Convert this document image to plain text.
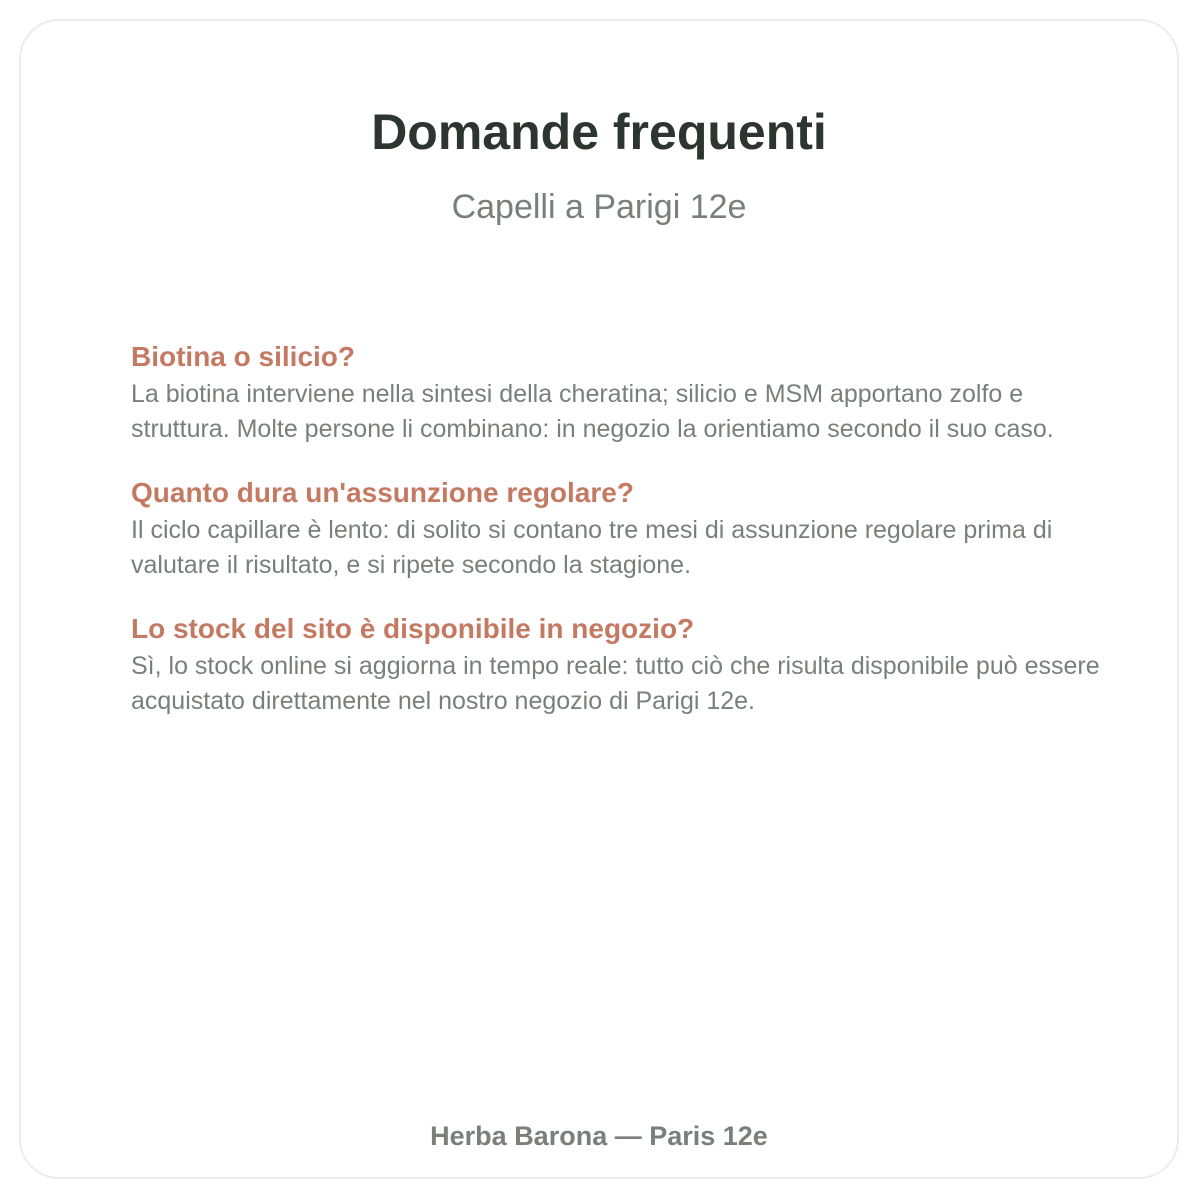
Domande frequenti
Capelli a Parigi 12e
Biotina o silicio?

La biotina interviene nella sintesi della cheratina; silicio e MSM apportano zolfo e struttura. Molte persone li combinano: in negozio la orientiamo secondo il suo caso.

Quanto dura un'assunzione regolare?

Il ciclo capillare è lento: di solito si contano tre mesi di assunzione regolare prima di valutare il risultato, e si ripete secondo la stagione.

Lo stock del sito è disponibile in negozio?

Sì, lo stock online si aggiorna in tempo reale: tutto ciò che risulta disponibile può essere acquistato direttamente nel nostro negozio di Parigi 12e.

Herba Barona — Paris 12e
